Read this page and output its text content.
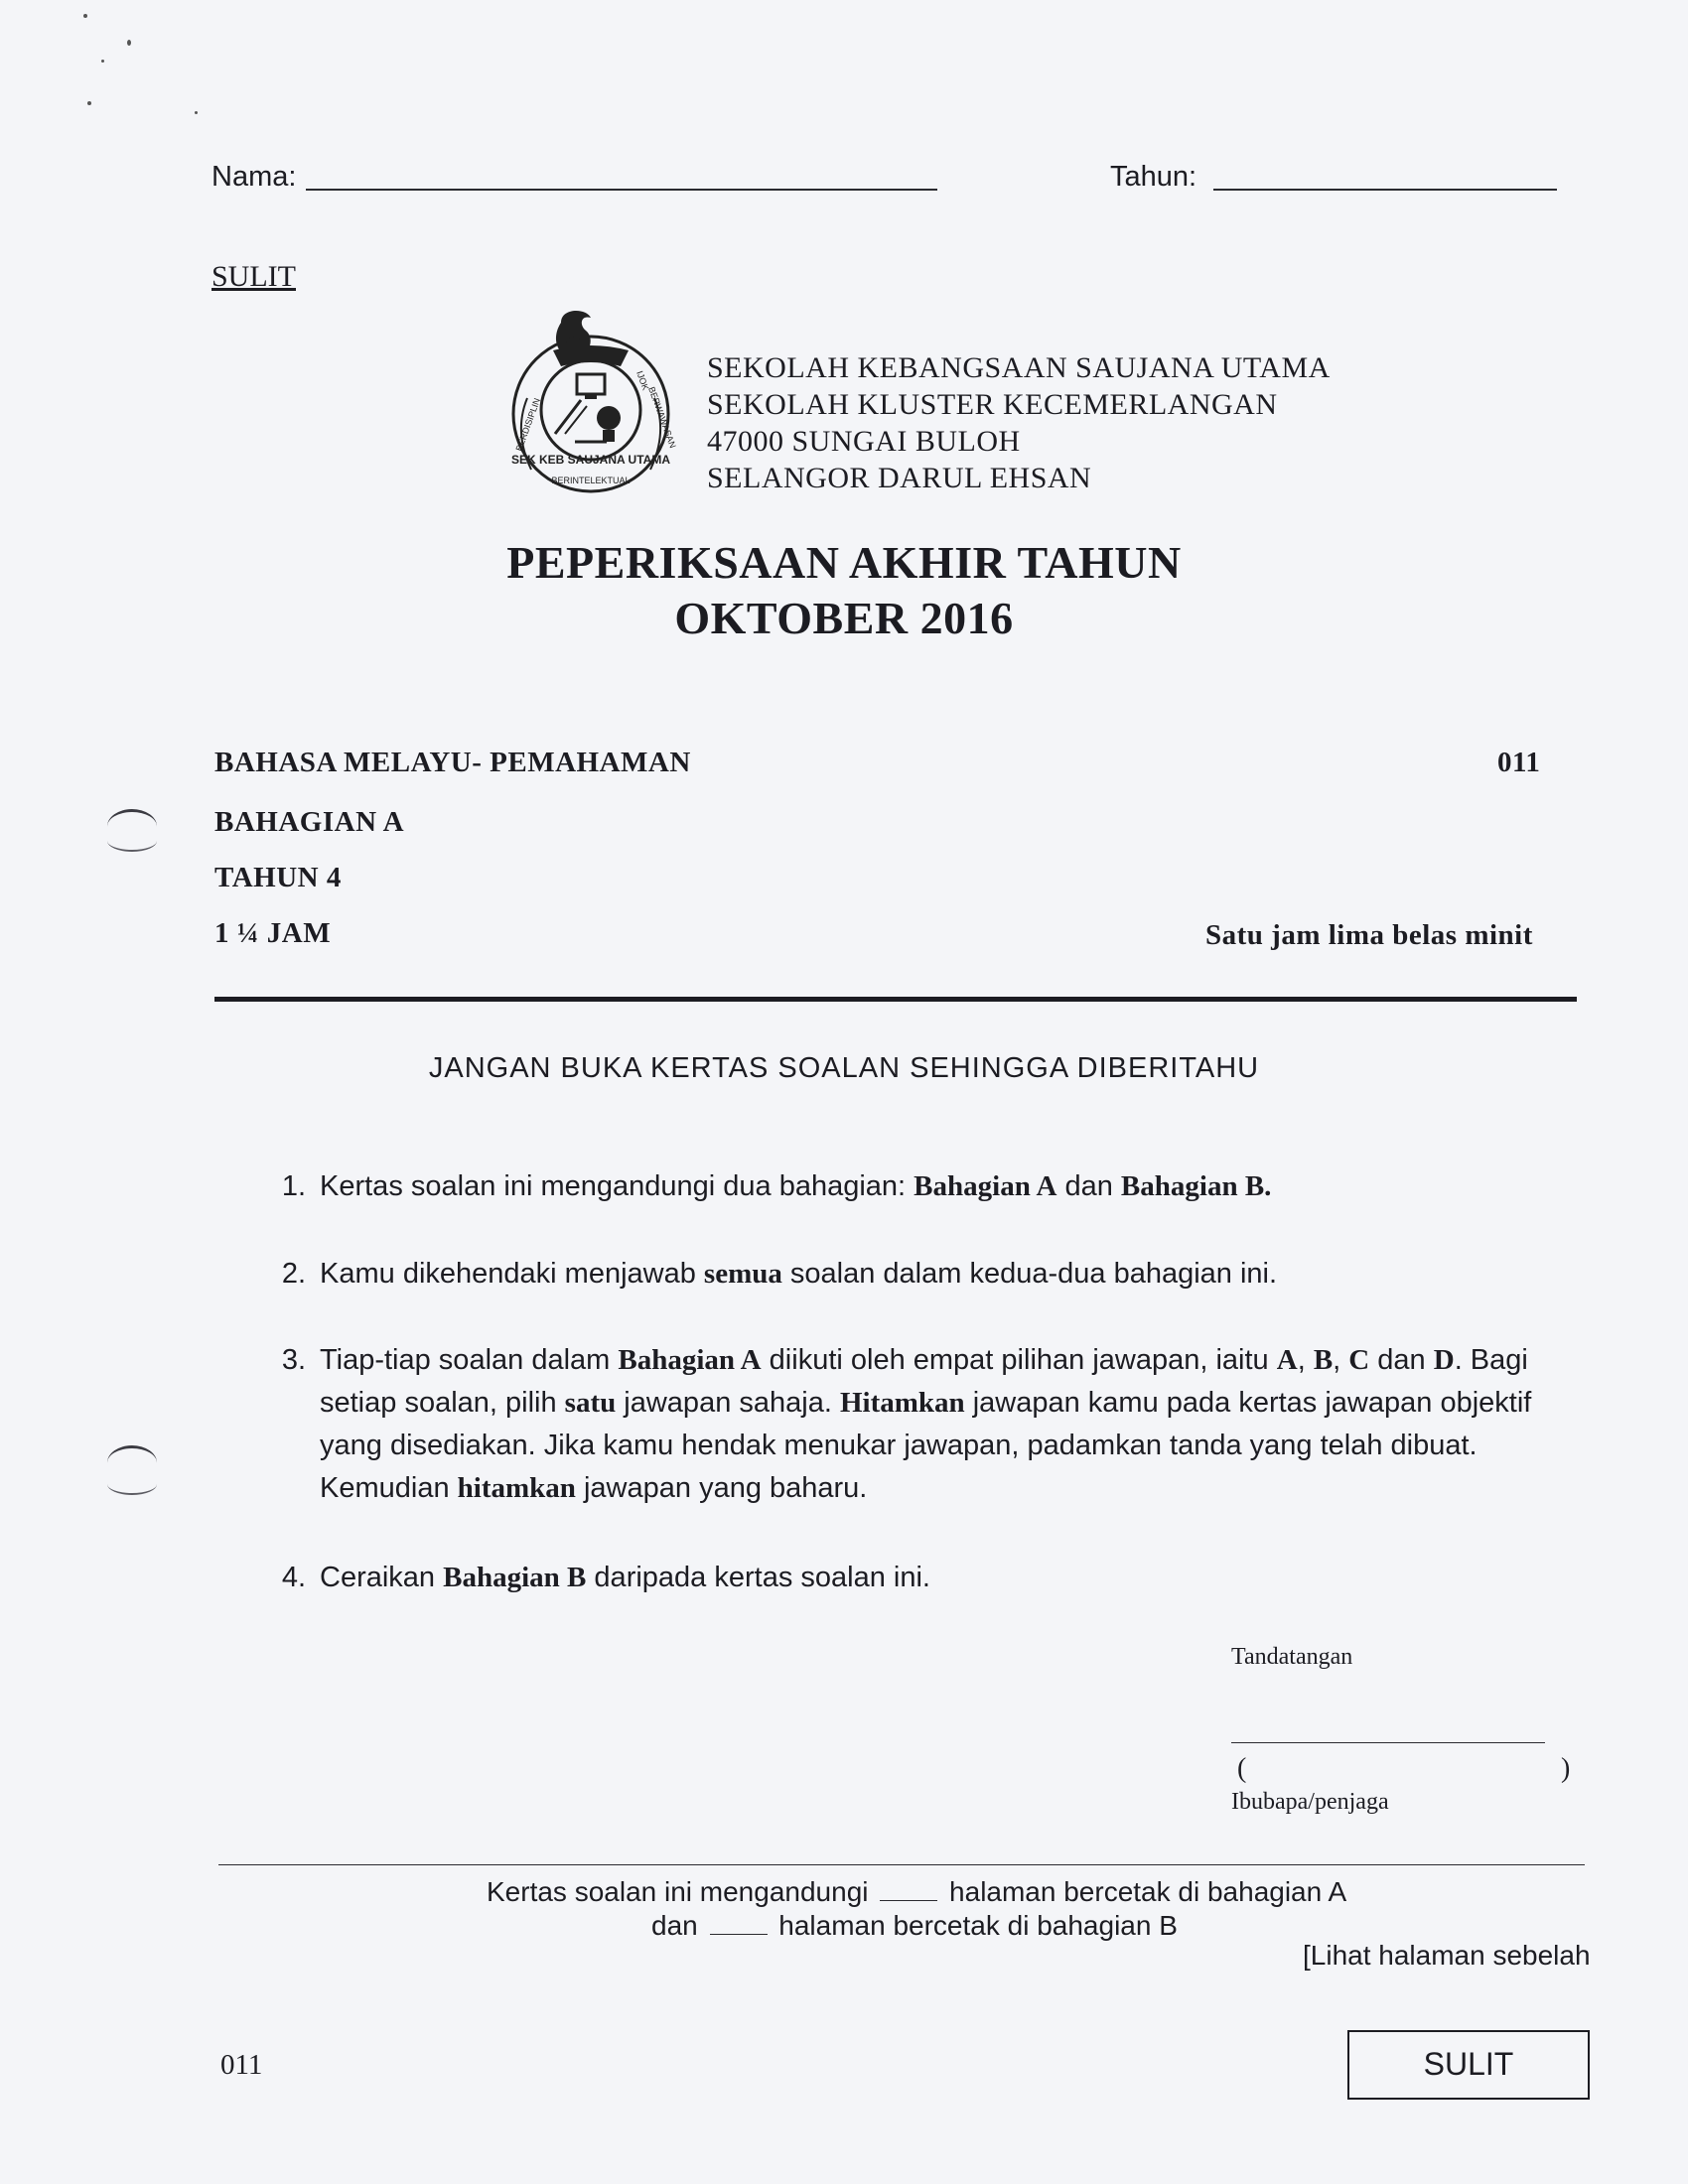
Nama:	Tahun:
SULIT
SEK KEB SAUJANA UTAMA
BERDISIPLIN	BERWAWASAN
BERINTELEKTUAL
IJOK SEKOLAH KEBANGSAAN SAUJANA UTAMA
SEKOLAH KLUSTER KECEMERLANGAN
47000 SUNGAI BULOH
SELANGOR DARUL EHSAN
PEPERIKSAAN AKHIR TAHUN
OKTOBER 2016
BAHASA MELAYU- PEMAHAMAN	011
BAHAGIAN A
TAHUN 4
1 ¼ JAM	Satu jam lima belas minit
JANGAN BUKA KERTAS SOALAN SEHINGGA DIBERITAHU
1. Kertas soalan ini mengandungi dua bahagian: Bahagian A dan Bahagian B.
2. Kamu dikehendaki menjawab semua soalan dalam kedua-dua bahagian ini.
3. Tiap-tiap soalan dalam Bahagian A diikuti oleh empat pilihan jawapan, iaitu A, B, C dan D. Bagi setiap soalan, pilih satu jawapan sahaja. Hitamkan jawapan kamu pada kertas jawapan objektif yang disediakan. Jika kamu hendak menukar jawapan, padamkan tanda yang telah dibuat. Kemudian hitamkan jawapan yang baharu.
4. Ceraikan Bahagian B daripada kertas soalan ini.
Tandatangan
(	)
Ibubapa/penjaga
Kertas soalan ini mengandungi	halaman bercetak di bahagian A
dan	halaman bercetak di bahagian B
[Lihat halaman sebelah
011	SULIT
